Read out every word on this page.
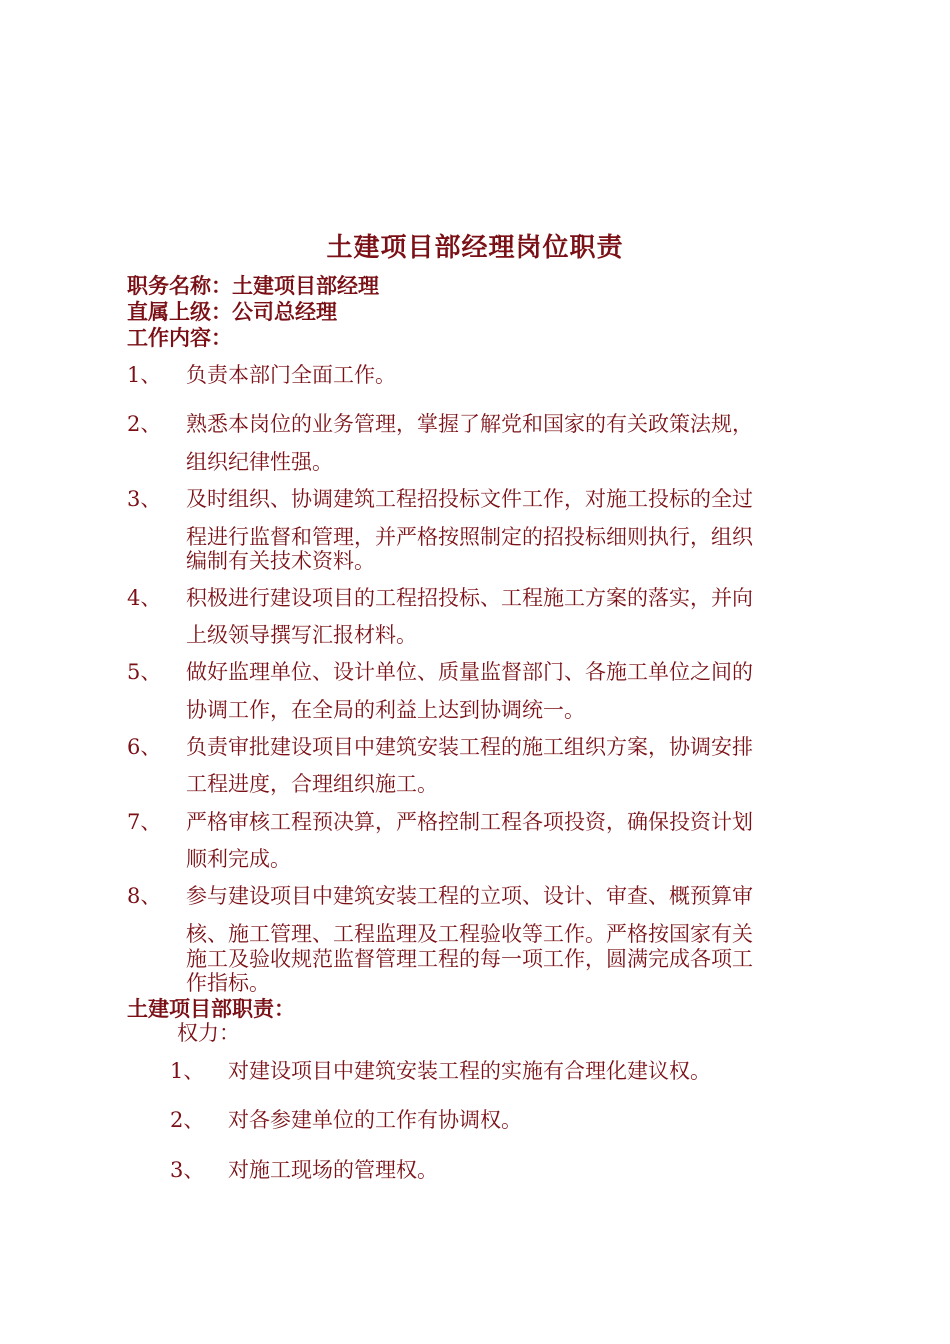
土建项目部经理岗位职责
职务名称：土建项目部经理
直属上级：公司总经理
工作内容：
1、 负责本部门全面工作。
2、 熟悉本岗位的业务管理，掌握了解党和国家的有关政策法规，
组织纪律性强。
3、 及时组织、协调建筑工程招投标文件工作，对施工投标的全过
程进行监督和管理，并严格按照制定的招投标细则执行，组织
编制有关技术资料。
4、 积极进行建设项目的工程招投标、工程施工方案的落实，并向
上级领导撰写汇报材料。
5、 做好监理单位、设计单位、质量监督部门、各施工单位之间的
协调工作，在全局的利益上达到协调统一。
6、 负责审批建设项目中建筑安装工程的施工组织方案，协调安排
工程进度，合理组织施工。
7、 严格审核工程预决算，严格控制工程各项投资，确保投资计划
顺利完成。
8、 参与建设项目中建筑安装工程的立项、设计、审查、概预算审
核、施工管理、工程监理及工程验收等工作。严格按国家有关
施工及验收规范监督管理工程的每一项工作，圆满完成各项工
作指标。
土建项目部职责：
权力：
1、 对建设项目中建筑安装工程的实施有合理化建议权。
2、 对各参建单位的工作有协调权。
3、 对施工现场的管理权。
